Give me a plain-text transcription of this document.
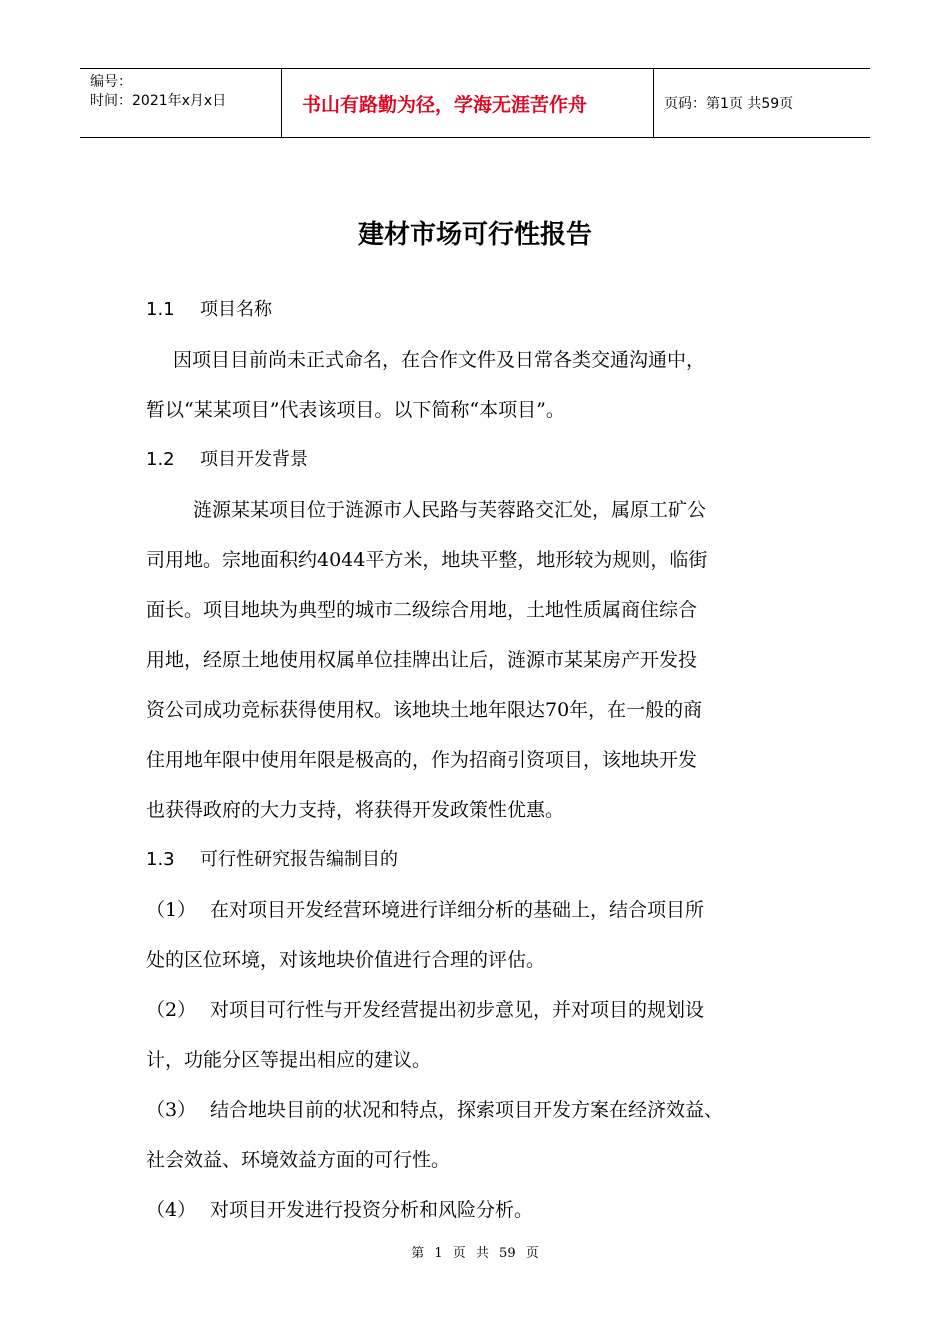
编号：
时间：2021年x月x日	书山有路勤为径，学海无涯苦作舟	页码：第1页 共59页
建材市场可行性报告

1.1 项目名称

因项目目前尚未正式命名，在合作文件及日常各类交通沟通中，

暂以“某某项目”代表该项目。以下简称“本项目”。

1.2 项目开发背景

涟源某某项目位于涟源市人民路与芙蓉路交汇处，属原工矿公

司用地。宗地面积约4044平方米，地块平整，地形较为规则，临街

面长。项目地块为典型的城市二级综合用地，土地性质属商住综合

用地，经原土地使用权属单位挂牌出让后，涟源市某某房产开发投

资公司成功竞标获得使用权。该地块土地年限达70年，在一般的商

住用地年限中使用年限是极高的，作为招商引资项目，该地块开发

也获得政府的大力支持，将获得开发政策性优惠。

1.3 可行性研究报告编制目的

（1） 在对项目开发经营环境进行详细分析的基础上，结合项目所

处的区位环境，对该地块价值进行合理的评估。

（2） 对项目可行性与开发经营提出初步意见，并对项目的规划设

计，功能分区等提出相应的建议。

（3） 结合地块目前的状况和特点，探索项目开发方案在经济效益、

社会效益、环境效益方面的可行性。

（4） 对项目开发进行投资分析和风险分析。

第 1 页 共 59 页
